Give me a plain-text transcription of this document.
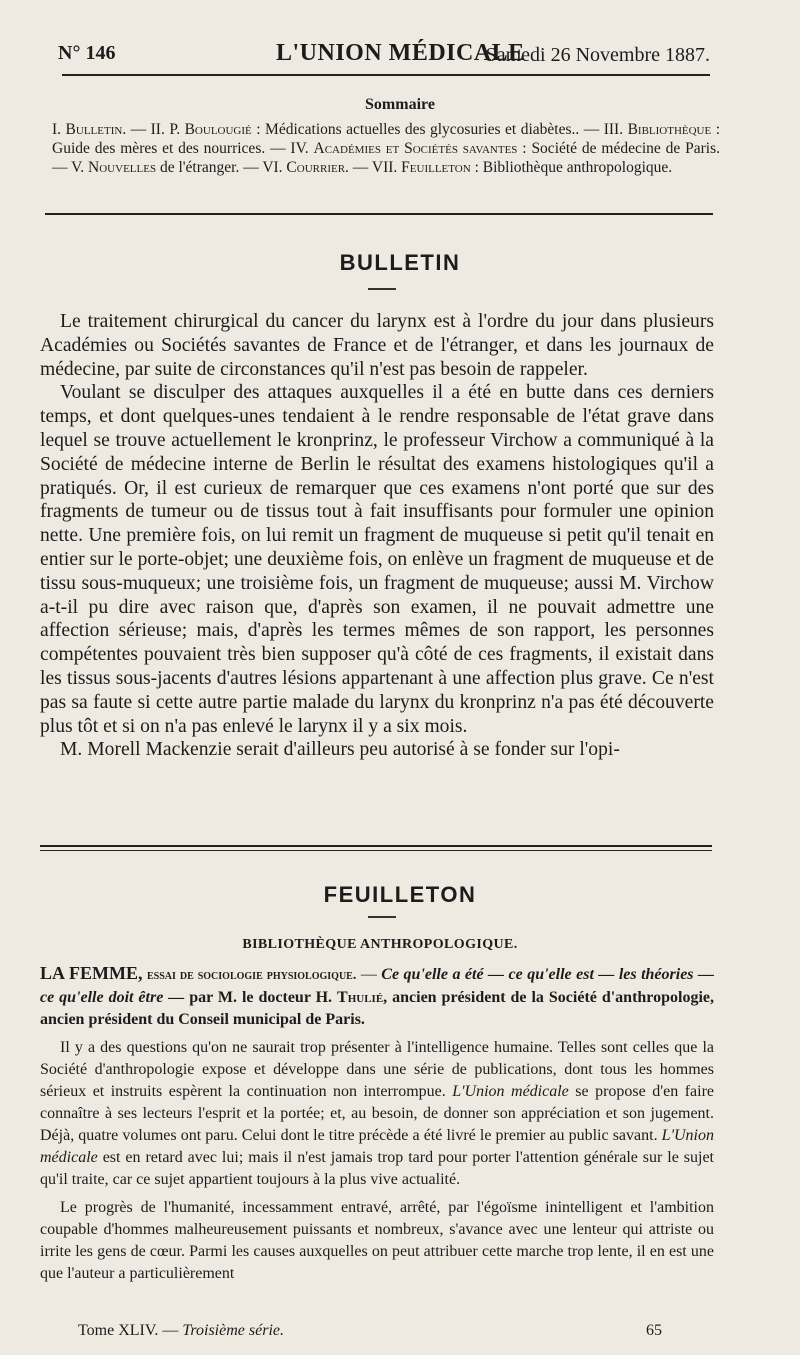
N° 146	L'UNION MÉDICALE
Samedi 26 Novembre 1887.
Sommaire
I. Bulletin. — II. P. Boulougié : Médications actuelles des glycosuries et diabètes.. — III. Bibliothèque : Guide des mères et des nourrices. — IV. Académies et Sociétés savantes : Société de médecine de Paris. — V. Nouvelles de l'étranger. — VI. Courrier. — VII. Feuilleton : Bibliothèque anthropologique.
BULLETIN

Le traitement chirurgical du cancer du larynx est à l'ordre du jour dans plusieurs Académies ou Sociétés savantes de France et de l'étranger, et dans les journaux de médecine, par suite de circonstances qu'il n'est pas besoin de rappeler.

Voulant se disculper des attaques auxquelles il a été en butte dans ces derniers temps, et dont quelques-unes tendaient à le rendre responsable de l'état grave dans lequel se trouve actuellement le kronprinz, le professeur Virchow a communiqué à la Société de médecine interne de Berlin le résultat des examens histologiques qu'il a pratiqués. Or, il est curieux de remarquer que ces examens n'ont porté que sur des fragments de tumeur ou de tissus tout à fait insuffisants pour formuler une opinion nette. Une première fois, on lui remit un fragment de muqueuse si petit qu'il tenait en entier sur le porte-objet; une deuxième fois, on enlève un fragment de muqueuse et de tissu sous-muqueux; une troisième fois, un fragment de muqueuse; aussi M. Virchow a-t-il pu dire avec raison que, d'après son examen, il ne pouvait admettre une affection sérieuse; mais, d'après les termes mêmes de son rapport, les personnes compétentes pouvaient très bien supposer qu'à côté de ces fragments, il existait dans les tissus sous-jacents d'autres lésions appartenant à une affection plus grave. Ce n'est pas sa faute si cette autre partie malade du larynx du kronprinz n'a pas été découverte plus tôt et si on n'a pas enlevé le larynx il y a six mois.

M. Morell Mackenzie serait d'ailleurs peu autorisé à se fonder sur l'opi-

FEUILLETON
BIBLIOTHÈQUE ANTHROPOLOGIQUE.

LA FEMME, essai de sociologie physiologique. — Ce qu'elle a été — ce qu'elle est — les théories — ce qu'elle doit être — par M. le docteur H. Thulié, ancien président de la Société d'anthropologie, ancien président du Conseil municipal de Paris.

Il y a des questions qu'on ne saurait trop présenter à l'intelligence humaine. Telles sont celles que la Société d'anthropologie expose et développe dans une série de publications, dont tous les hommes sérieux et instruits espèrent la continuation non interrompue. L'Union médicale se propose d'en faire connaître à ses lecteurs l'esprit et la portée; et, au besoin, de donner son appréciation et son jugement. Déjà, quatre volumes ont paru. Celui dont le titre précède a été livré le premier au public savant. L'Union médicale est en retard avec lui; mais il n'est jamais trop tard pour porter l'attention générale sur le sujet qu'il traite, car ce sujet appartient toujours à la plus vive actualité.

Le progrès de l'humanité, incessamment entravé, arrêté, par l'égoïsme inintelligent et l'ambition coupable d'hommes malheureusement puissants et nombreux, s'avance avec une lenteur qui attriste ou irrite les gens de cœur. Parmi les causes auxquelles on peut attribuer cette marche trop lente, il en est une que l'auteur a particulièrement

Tome XLIV. — Troisième série.	65
